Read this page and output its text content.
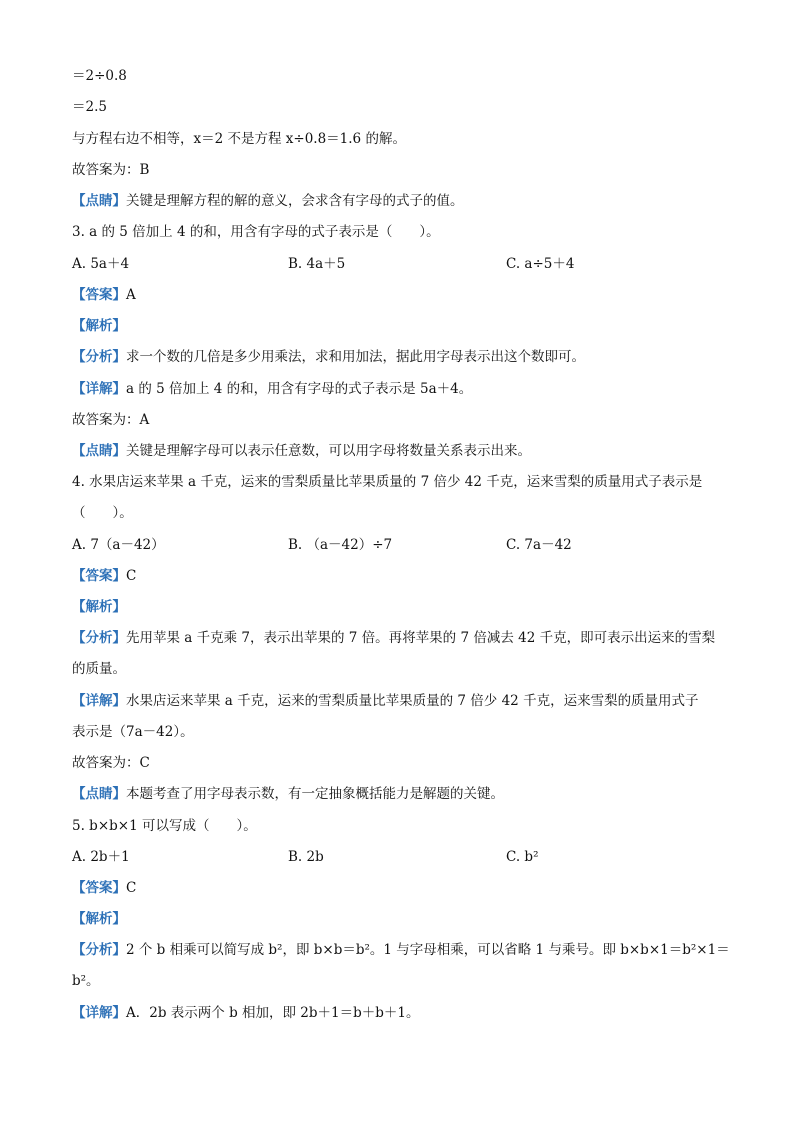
＝2÷0.8
＝2.5
与方程右边不相等，x＝2 不是方程 x÷0.8＝1.6 的解。
故答案为：B
【点睛】关键是理解方程的解的意义，会求含有字母的式子的值。
3. a 的 5 倍加上 4 的和，用含有字母的式子表示是（　　）。
A. 5a＋4	B. 4a＋5	C. a÷5＋4
【答案】A
【解析】
【分析】求一个数的几倍是多少用乘法，求和用加法，据此用字母表示出这个数即可。
【详解】a 的 5 倍加上 4 的和，用含有字母的式子表示是 5a＋4。
故答案为：A
【点睛】关键是理解字母可以表示任意数，可以用字母将数量关系表示出来。
4. 水果店运来苹果 a 千克，运来的雪梨质量比苹果质量的 7 倍少 42 千克，运来雪梨的质量用式子表示是
（　　）。
A. 7（a－42）	B. （a－42）÷7	C. 7a－42
【答案】C
【解析】
【分析】先用苹果 a 千克乘 7，表示出苹果的 7 倍。再将苹果的 7 倍减去 42 千克，即可表示出运来的雪梨
的质量。
【详解】水果店运来苹果 a 千克，运来的雪梨质量比苹果质量的 7 倍少 42 千克，运来雪梨的质量用式子
表示是（7a－42）。
故答案为：C
【点睛】本题考查了用字母表示数，有一定抽象概括能力是解题的关键。
5. b×b×1 可以写成（　　）。
A. 2b＋1	B. 2b	C. b²
【答案】C
【解析】
【分析】2 个 b 相乘可以简写成 b²，即 b×b＝b²。1 与字母相乘，可以省略 1 与乘号。即 b×b×1＝b²×1＝
b²。
【详解】A．2b 表示两个 b 相加，即 2b＋1＝b＋b＋1。
